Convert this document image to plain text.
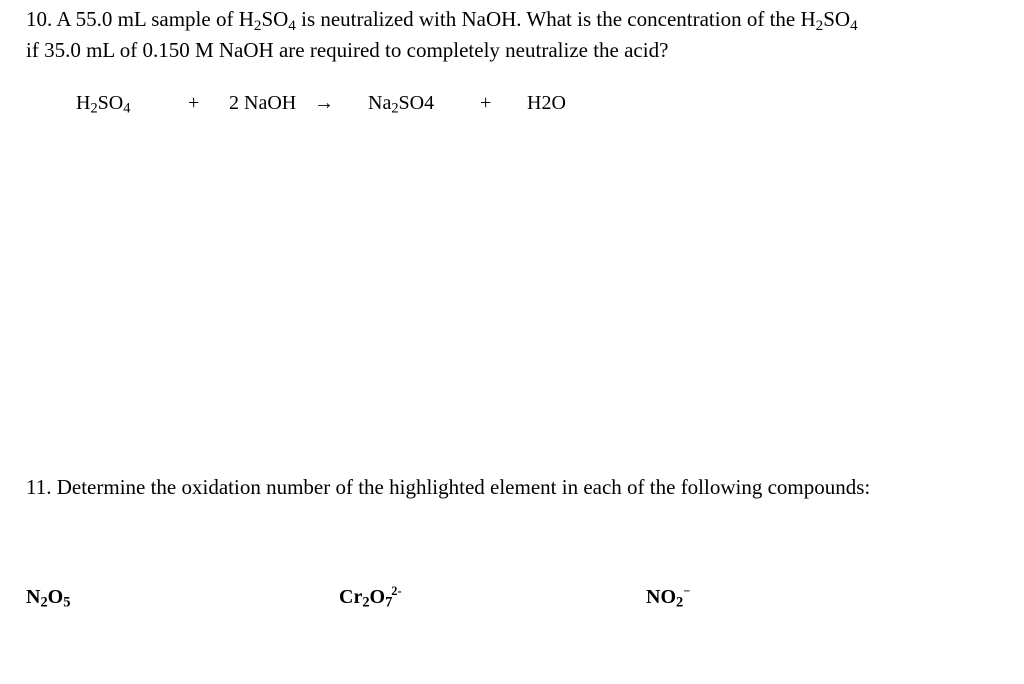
10. A 55.0 mL sample of $H_2SO_4$ is neutralized with NaOH. What is the concentration of the $H_2SO_4$
if 35.0 mL of 0.150 M NaOH are required to completely neutralize the acid?
$H_2SO_4$	+ 2 NaOH → $Na_2SO4 + H2O$
11. Determine the oxidation number of the highlighted element in each of the following compounds:
$N_2O_5$	$Cr_2O_7^{2-}$	$NO_2^-$
